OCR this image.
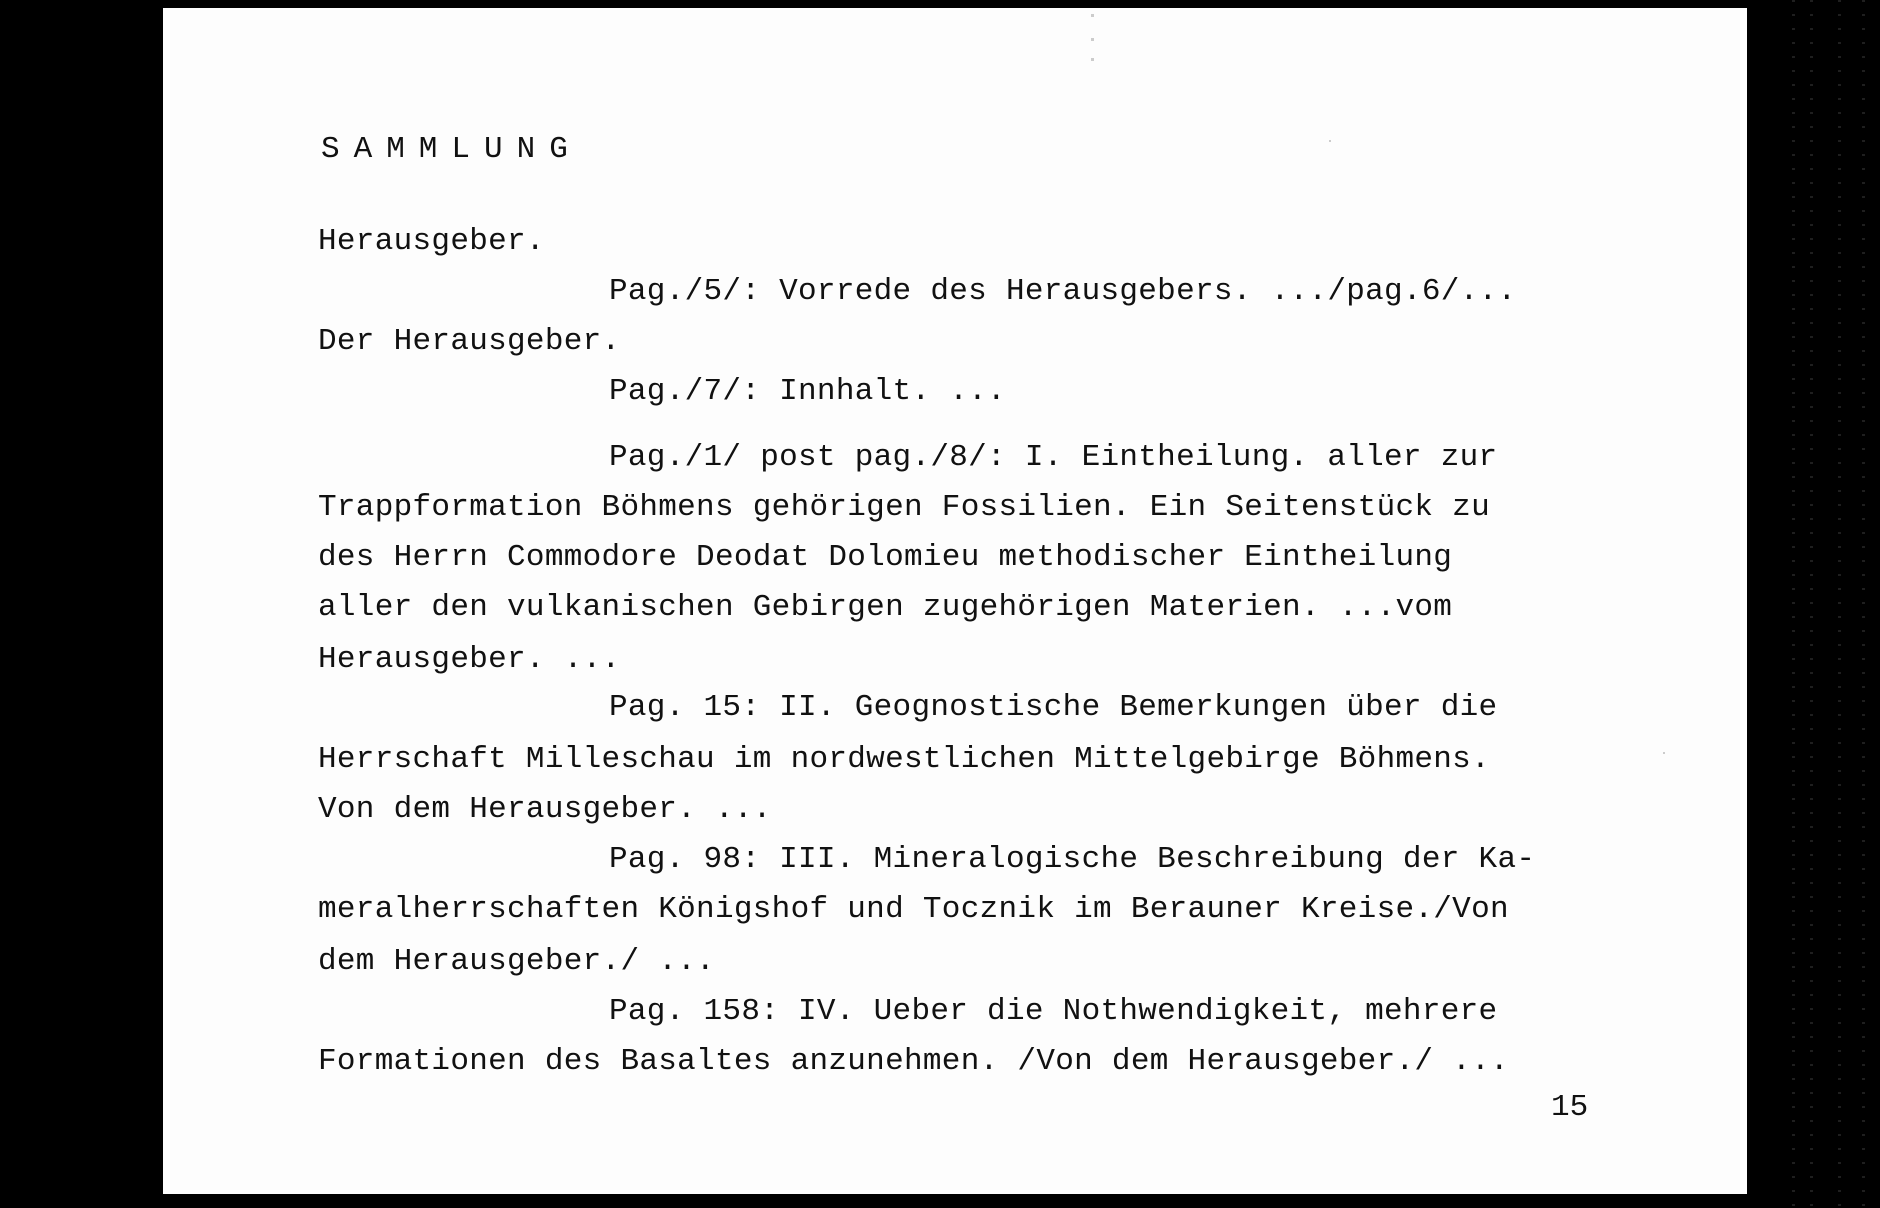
SAMMLUNG
Herausgeber.
Pag./5/: Vorrede des Herausgebers. .../pag.6/...
Der Herausgeber.
Pag./7/: Innhalt. ...
Pag./1/ post pag./8/: I. Eintheilung. aller zur
Trappformation Böhmens gehörigen Fossilien. Ein Seitenstück zu
des Herrn Commodore Deodat Dolomieu methodischer Eintheilung
aller den vulkanischen Gebirgen zugehörigen Materien. ...vom
Herausgeber. ...
Pag. 15: II. Geognostische Bemerkungen über die
Herrschaft Milleschau im nordwestlichen Mittelgebirge Böhmens.
Von dem Herausgeber. ...
Pag. 98: III. Mineralogische Beschreibung der Ka-
meralherrschaften Königshof und Tocznik im Berauner Kreise./Von
dem Herausgeber./ ...
Pag. 158: IV. Ueber die Nothwendigkeit, mehrere
Formationen des Basaltes anzunehmen. /Von dem Herausgeber./ ...
15
